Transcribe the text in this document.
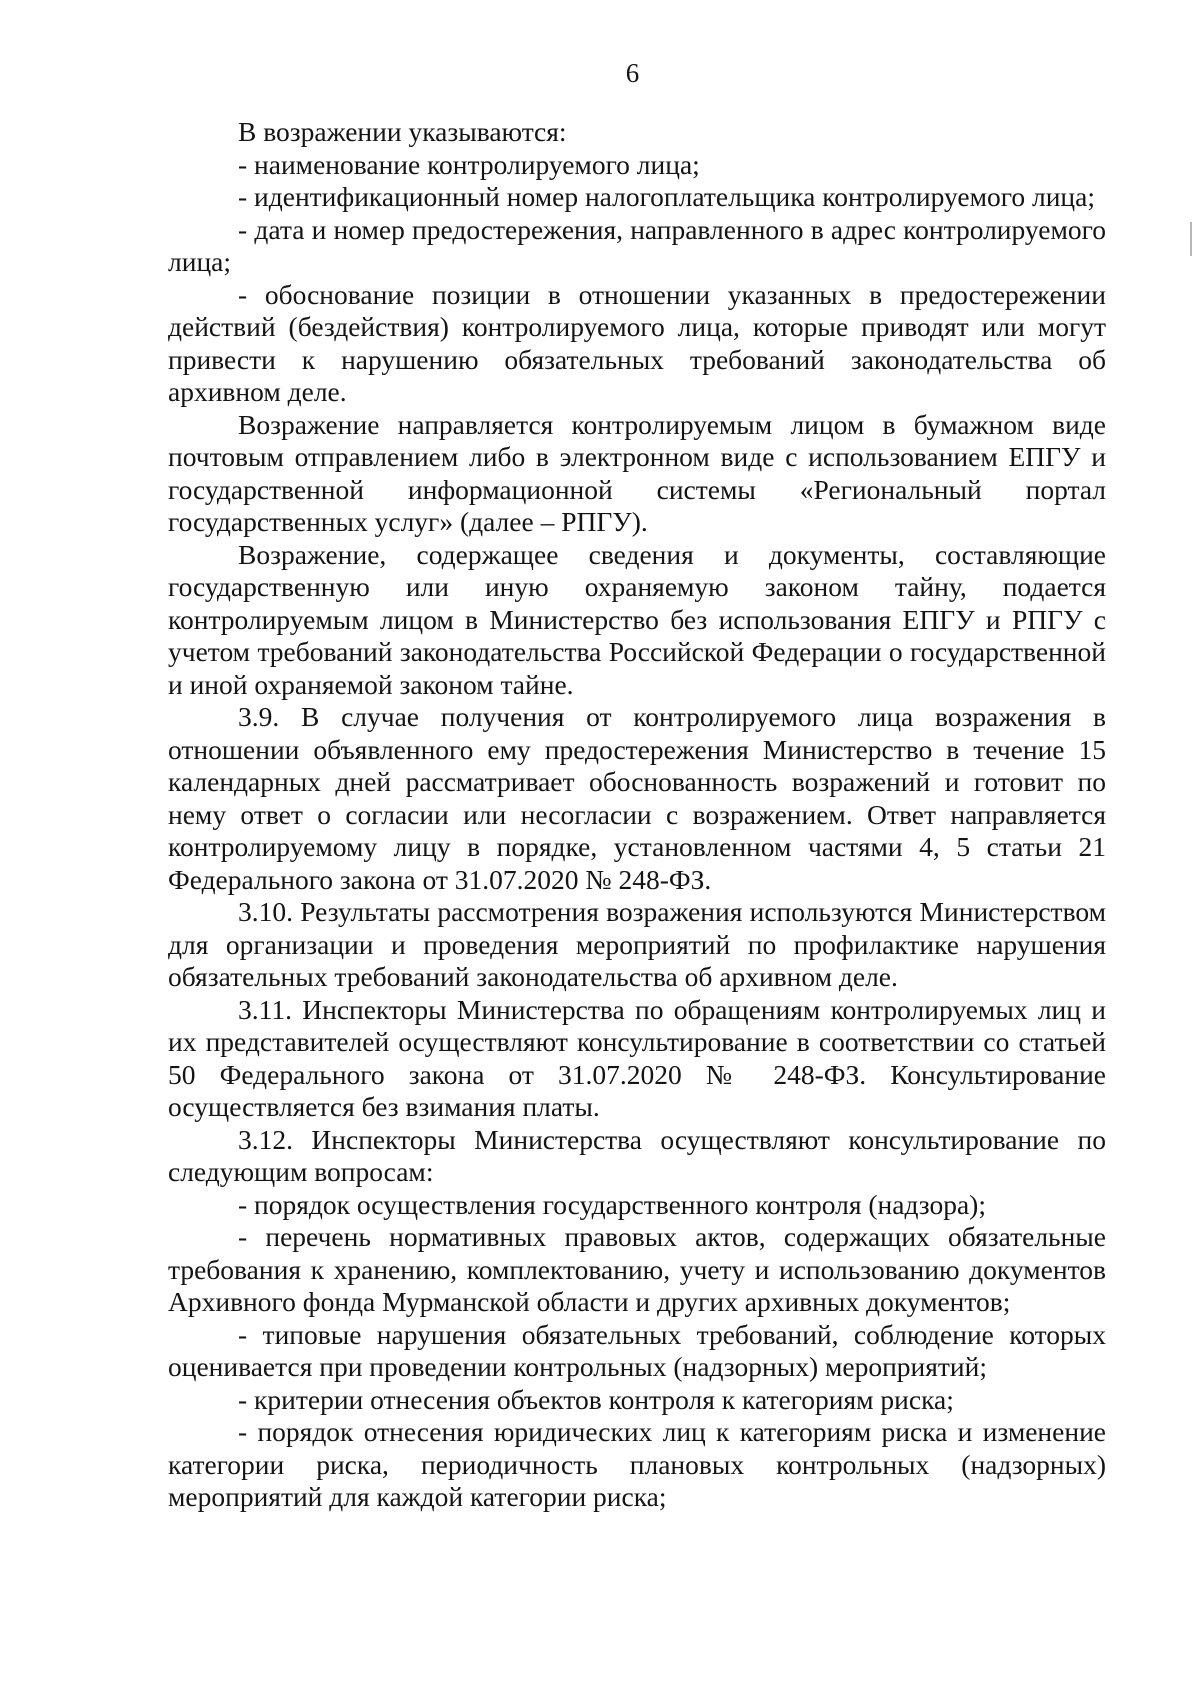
6

В возражении указываются:

- наименование контролируемого лица;

- идентификационный номер налогоплательщика контролируемого лица;

- дата и номер предостережения, направленного в адрес контролируемого лица;

- обоснование позиции в отношении указанных в предостережении действий (бездействия) контролируемого лица, которые приводят или могут привести к нарушению обязательных требований законодательства об архивном деле.

Возражение направляется контролируемым лицом в бумажном виде почтовым отправлением либо в электронном виде с использованием ЕПГУ и государственной информационной системы «Региональный портал государственных услуг» (далее – РПГУ).

Возражение, содержащее сведения и документы, составляющие государственную или иную охраняемую законом тайну, подается контролируемым лицом в Министерство без использования ЕПГУ и РПГУ с учетом требований законодательства Российской Федерации о государственной и иной охраняемой законом тайне.

3.9. В случае получения от контролируемого лица возражения в отношении объявленного ему предостережения Министерство в течение 15 календарных дней рассматривает обоснованность возражений и готовит по нему ответ о согласии или несогласии с возражением. Ответ направляется контролируемому лицу в порядке, установленном частями 4, 5 статьи 21 Федерального закона от 31.07.2020 № 248-ФЗ.

3.10. Результаты рассмотрения возражения используются Министерством для организации и проведения мероприятий по профилактике нарушения обязательных требований законодательства об архивном деле.

3.11. Инспекторы Министерства по обращениям контролируемых лиц и их представителей осуществляют консультирование в соответствии со статьей 50 Федерального закона от 31.07.2020 № 248-ФЗ. Консультирование осуществляется без взимания платы.

3.12. Инспекторы Министерства осуществляют консультирование по следующим вопросам:

- порядок осуществления государственного контроля (надзора);

- перечень нормативных правовых актов, содержащих обязательные требования к хранению, комплектованию, учету и использованию документов Архивного фонда Мурманской области и других архивных документов;

- типовые нарушения обязательных требований, соблюдение которых оценивается при проведении контрольных (надзорных) мероприятий;

- критерии отнесения объектов контроля к категориям риска;

- порядок отнесения юридических лиц к категориям риска и изменение категории риска, периодичность плановых контрольных (надзорных) мероприятий для каждой категории риска;
